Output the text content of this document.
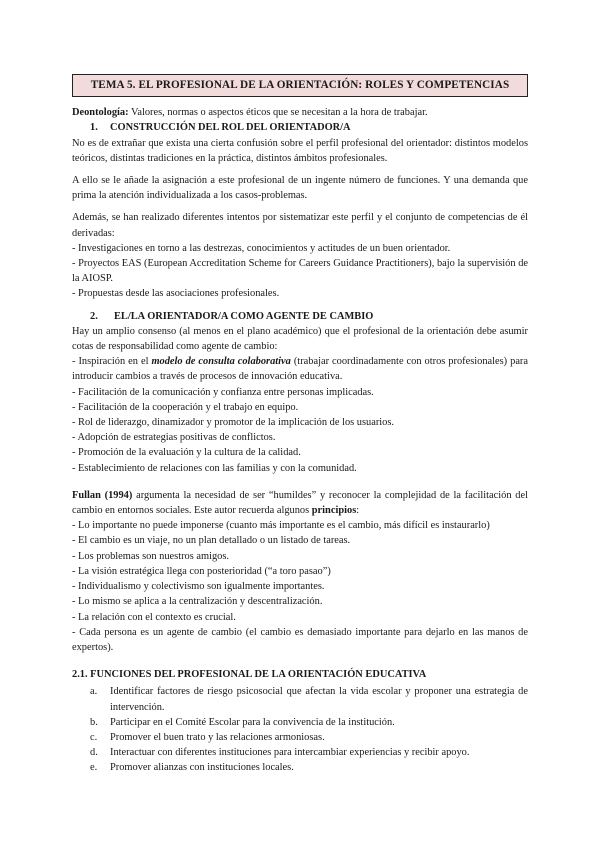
TEMA 5. EL PROFESIONAL DE LA ORIENTACIÓN: ROLES Y COMPETENCIAS

Deontología: Valores, normas o aspectos éticos que se necesitan a la hora de trabajar.

1.	CONSTRUCCIÓN DEL ROL DEL ORIENTADOR/A

No es de extrañar que exista una cierta confusión sobre el perfil profesional del orientador: distintos modelos teóricos, distintas tradiciones en la práctica, distintos ámbitos profesionales.

A ello se le añade la asignación a este profesional de un ingente número de funciones. Y una demanda que prima la atención individualizada a los casos-problemas.

Además, se han realizado diferentes intentos por sistematizar este perfil y el conjunto de competencias de él derivadas:

- Investigaciones en torno a las destrezas, conocimientos y actitudes de un buen orientador.

- Proyectos EAS (European Accreditation Scheme for Careers Guidance Practitioners), bajo la supervisión de la AIOSP.

- Propuestas desde las asociaciones profesionales.

2.	EL/LA ORIENTADOR/A COMO AGENTE DE CAMBIO

Hay un amplio consenso (al menos en el plano académico) que el profesional de la orientación debe asumir cotas de responsabilidad como agente de cambio:

- Inspiración en el modelo de consulta colaborativa (trabajar coordinadamente con otros profesionales) para introducir cambios a través de procesos de innovación educativa.

- Facilitación de la comunicación y confianza entre personas implicadas.

- Facilitación de la cooperación y el trabajo en equipo.

- Rol de liderazgo, dinamizador y promotor de la implicación de los usuarios.

- Adopción de estrategias positivas de conflictos.

- Promoción de la evaluación y la cultura de la calidad.

- Establecimiento de relaciones con las familias y con la comunidad.

Fullan (1994) argumenta la necesidad de ser “humildes” y reconocer la complejidad de la facilitación del cambio en entornos sociales. Este autor recuerda algunos principios:

- Lo importante no puede imponerse (cuanto más importante es el cambio, más difícil es instaurarlo)

- El cambio es un viaje, no un plan detallado o un listado de tareas.

- Los problemas son nuestros amigos.

- La visión estratégica llega con posterioridad (“a toro pasao”)

- Individualismo y colectivismo son igualmente importantes.

- Lo mismo se aplica a la centralización y descentralización.

- La relación con el contexto es crucial.

- Cada persona es un agente de cambio (el cambio es demasiado importante para dejarlo en las manos de expertos).

2.1. FUNCIONES DEL PROFESIONAL DE LA ORIENTACIÓN EDUCATIVA
a.	Identificar factores de riesgo psicosocial que afectan la vida escolar y proponer una estrategia de intervención.
b.	Participar en el Comité Escolar para la convivencia de la institución.
c.	Promover el buen trato y las relaciones armoniosas.
d.	Interactuar con diferentes instituciones para intercambiar experiencias y recibir apoyo.
e.	Promover alianzas con instituciones locales.
